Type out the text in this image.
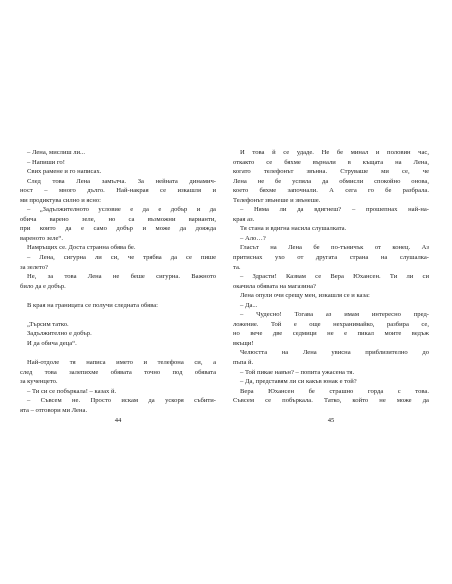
– Лена, мислиш ли...
– Напиши го!
Свих рамене и го написах.
След това Лена замълча. За нейната динамич-
ност – много дълго. Най-накрая се изкашля и
ми продиктува силно и ясно:
– „Задължителното условие е да е добър и да
обича варено зеле, но са възможни варианти,
при които да е само добър и може да дояжда
вареното зеле“.
Намръщих се. Доста странна обява бе.
– Лена, сигурна ли си, че трябва да се пише
за зелето?
Не, за това Лена не беше сигурна. Важното
било да е добър.
В края на границата се получи следната обява:
„Търсим татко.
Задължително е добър.
И да обича деца“.
Най-отдоле тя написа името и телефона си, а
след това залепихме обявата точно под обявата
за кученцето.
– Ти си се побъркала! – казах й.
– Съвсем не. Просто искам да ускоря събити-
ята – отговори ми Лена.
И това й се удаде. Не бе минал и половин час,
откакто се бяхме върнали в къщата на Лена,
когато телефонът звънна. Струваше ми се, че
Лена не бе успяла да обмисли спокойно онова,
което бяхме започнали. А сега го бе разбрала.
Телефонът звънеше и звънеше.
– Няма ли да вдигнеш? – прошепнах най-на-
края аз.
Тя стана и вдигна насила слушалката.
– Ало…?
Гласът на Лена бе по-тъничък от конец. Аз
притиснах ухо от другата страна на слушалка-
та.
– Здрасти! Казвам се Вера Юхансен. Ти ли си
окачила обявата на магазина?
Лена опули очи срещу мен, изкашля се и каза:
– Да...
– Чудесно! Тогава аз имам интересно пред-
ложение. Той е още нехранимайко, разбира се,
но вече две седмици не е пикал моите ведъж
вкъщи!
Челюстта на Лена увисна приблизително до
пъпа й.
– Той пикае навън? – попита ужасена тя.
– Да, представям ли си какъв юнак е той?
Вера Юхансен бе страшно горда с това.
Съвсем се побъркала. Татко, който не може да
44	45
